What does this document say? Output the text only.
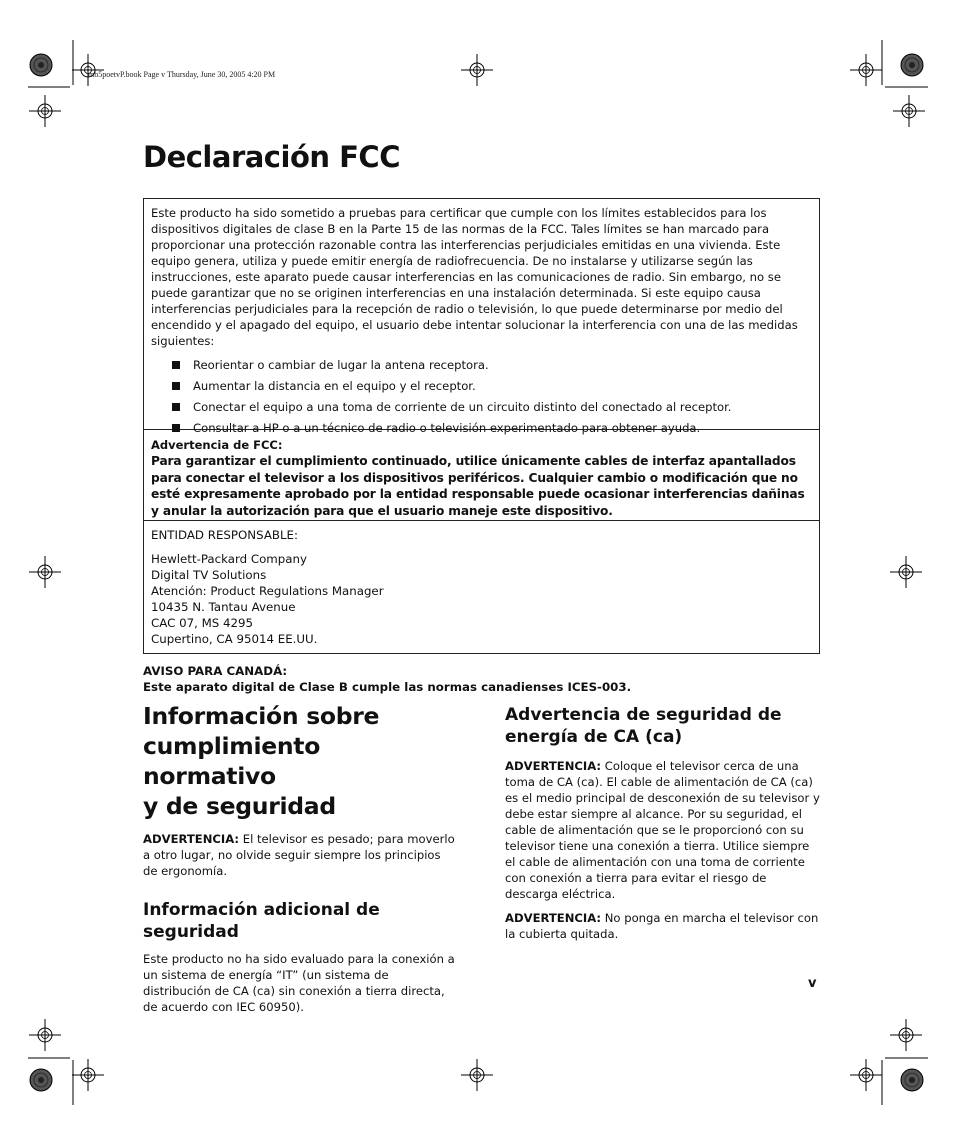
mb5poetvP.book Page v Thursday, June 30, 2005 4:20 PM
Declaración FCC

Este producto ha sido sometido a pruebas para certificar que cumple con los límites establecidos para los dispositivos digitales de clase B en la Parte 15 de las normas de la FCC. Tales límites se han marcado para proporcionar una protección razonable contra las interferencias perjudiciales emitidas en una vivienda. Este equipo genera, utiliza y puede emitir energía de radiofrecuencia. De no instalarse y utilizarse según las instrucciones, este aparato puede causar interferencias en las comunicaciones de radio. Sin embargo, no se puede garantizar que no se originen interferencias en una instalación determinada. Si este equipo causa interferencias perjudiciales para la recepción de radio o televisión, lo que puede determinarse por medio del encendido y el apagado del equipo, el usuario debe intentar solucionar la interferencia con una de las medidas siguientes:

Reorientar o cambiar de lugar la antena receptora.
Aumentar la distancia en el equipo y el receptor.
Conectar el equipo a una toma de corriente de un circuito distinto del conectado al receptor.
Consultar a HP o a un técnico de radio o televisión experimentado para obtener ayuda.

Advertencia de FCC:

Para garantizar el cumplimiento continuado, utilice únicamente cables de interfaz apantallados para conectar el televisor a los dispositivos periféricos. Cualquier cambio o modificación que no esté expresamente aprobado por la entidad responsable puede ocasionar interferencias dañinas y anular la autorización para que el usuario maneje este dispositivo.

ENTIDAD RESPONSABLE:

Hewlett-Packard Company

Digital TV Solutions

Atención: Product Regulations Manager

10435 N. Tantau Avenue

CAC 07, MS 4295

Cupertino, CA 95014 EE.UU.

AVISO PARA CANADÁ:
Este aparato digital de Clase B cumple las normas canadienses ICES-003.
Información sobre
cumplimiento normativo
y de seguridad

ADVERTENCIA: El televisor es pesado; para moverlo a otro lugar, no olvide seguir siempre los principios de ergonomía.

Información adicional de
seguridad

Este producto no ha sido evaluado para la conexión a un sistema de energía “IT” (un sistema de distribución de CA (ca) sin conexión a tierra directa, de acuerdo con IEC 60950).

Advertencia de seguridad de
energía de CA (ca)

ADVERTENCIA: Coloque el televisor cerca de una toma de CA (ca). El cable de alimentación de CA (ca) es el medio principal de desconexión de su televisor y debe estar siempre al alcance. Por su seguridad, el cable de alimentación que se le proporcionó con su televisor tiene una conexión a tierra. Utilice siempre el cable de alimentación con una toma de corriente con conexión a tierra para evitar el riesgo de descarga eléctrica.

ADVERTENCIA: No ponga en marcha el televisor con la cubierta quitada.

v
